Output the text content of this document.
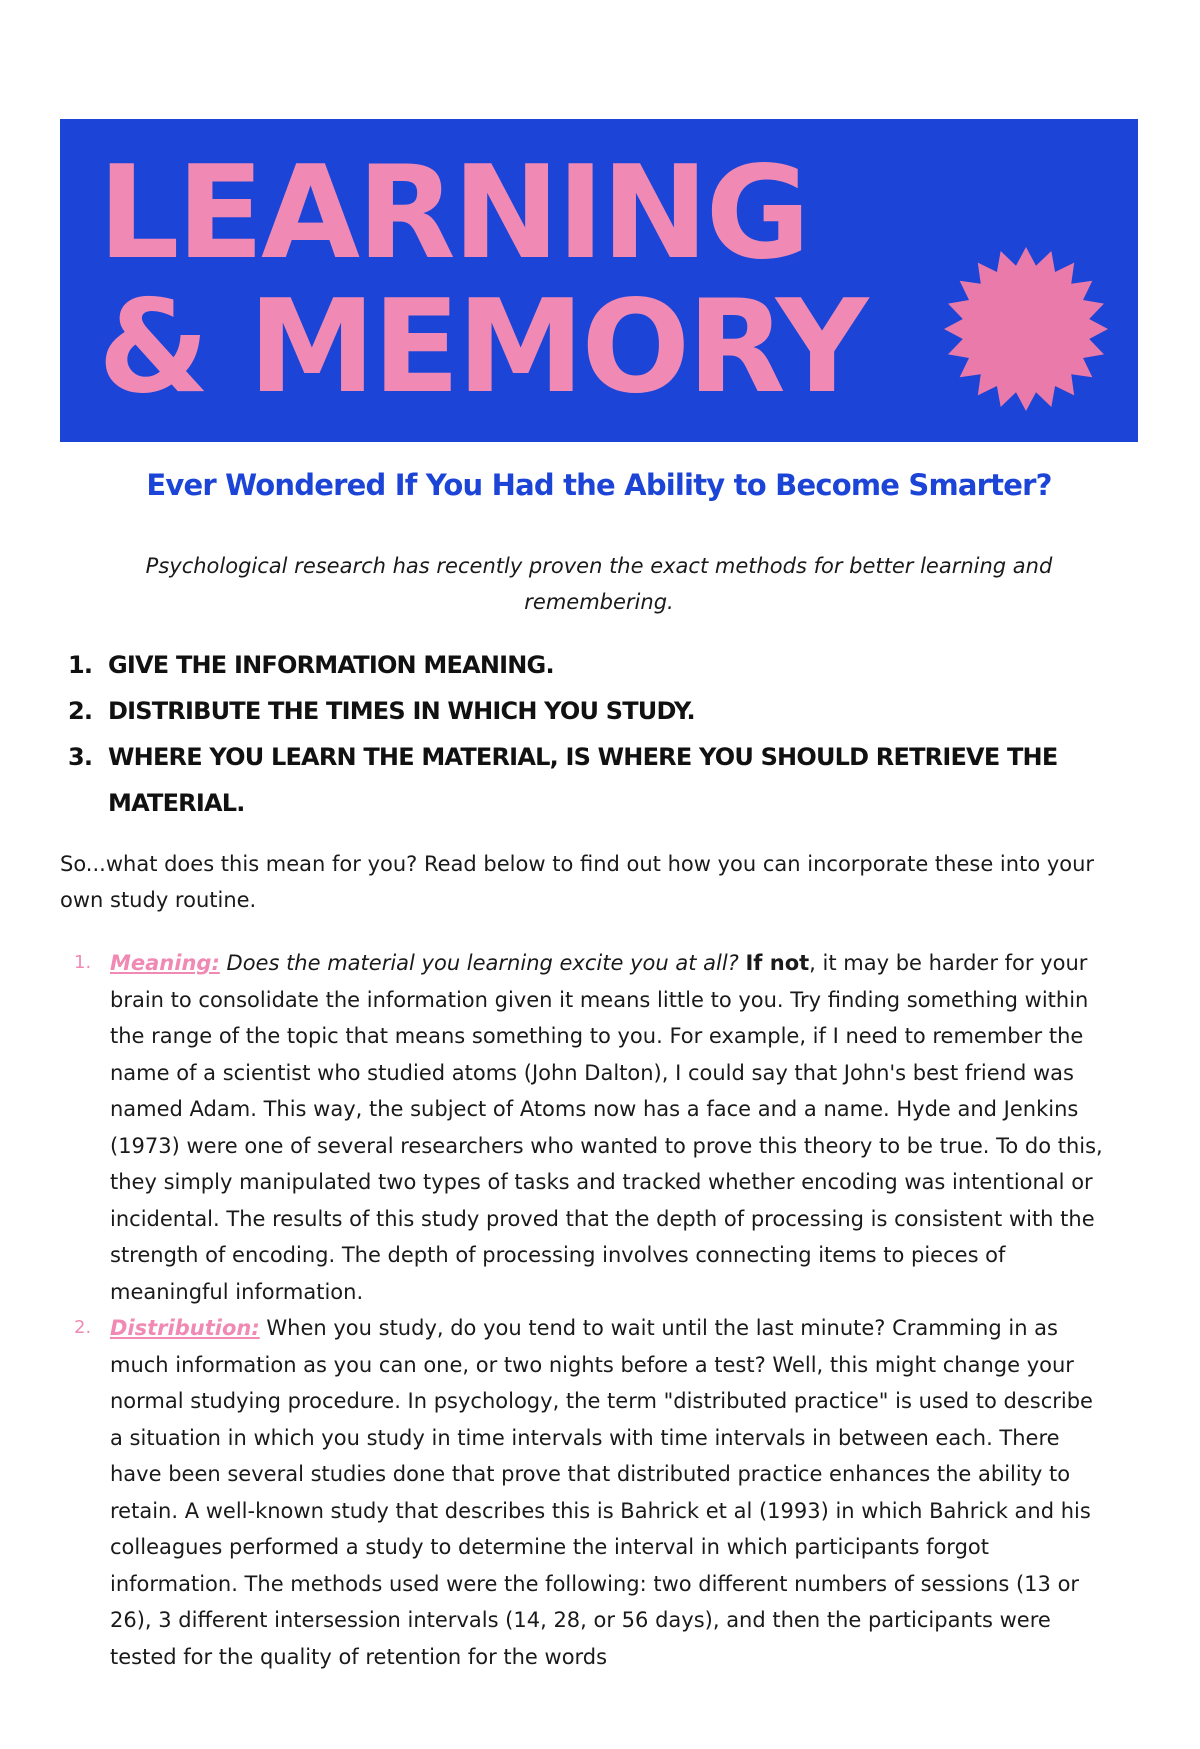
LEARNING
& MEMORY
Ever Wondered If You Had the Ability to Become Smarter?

Psychological research has recently proven the exact methods for better learning and remembering.

1. GIVE THE INFORMATION MEANING.
2. DISTRIBUTE THE TIMES IN WHICH YOU STUDY.
3. WHERE YOU LEARN THE MATERIAL, IS WHERE YOU SHOULD RETRIEVE THE MATERIAL.

So...what does this mean for you? Read below to find out how you can incorporate these into your own study routine.

1. Meaning: Does the material you learning excite you at all? If not, it may be harder for your brain to consolidate the information given it means little to you. Try finding something within the range of the topic that means something to you. For example, if I need to remember the name of a scientist who studied atoms (John Dalton), I could say that John's best friend was named Adam. This way, the subject of Atoms now has a face and a name. Hyde and Jenkins (1973) were one of several researchers who wanted to prove this theory to be true. To do this, they simply manipulated two types of tasks and tracked whether encoding was intentional or incidental. The results of this study proved that the depth of processing is consistent with the strength of encoding. The depth of processing involves connecting items to pieces of meaningful information.
2. Distribution: When you study, do you tend to wait until the last minute? Cramming in as much information as you can one, or two nights before a test? Well, this might change your normal studying procedure. In psychology, the term "distributed practice" is used to describe a situation in which you study in time intervals with time intervals in between each. There have been several studies done that prove that distributed practice enhances the ability to retain. A well-known study that describes this is Bahrick et al (1993) in which Bahrick and his colleagues performed a study to determine the interval in which participants forgot information. The methods used were the following: two different numbers of sessions (13 or 26), 3 different intersession intervals (14, 28, or 56 days), and then the participants were tested for the quality of retention for the words
